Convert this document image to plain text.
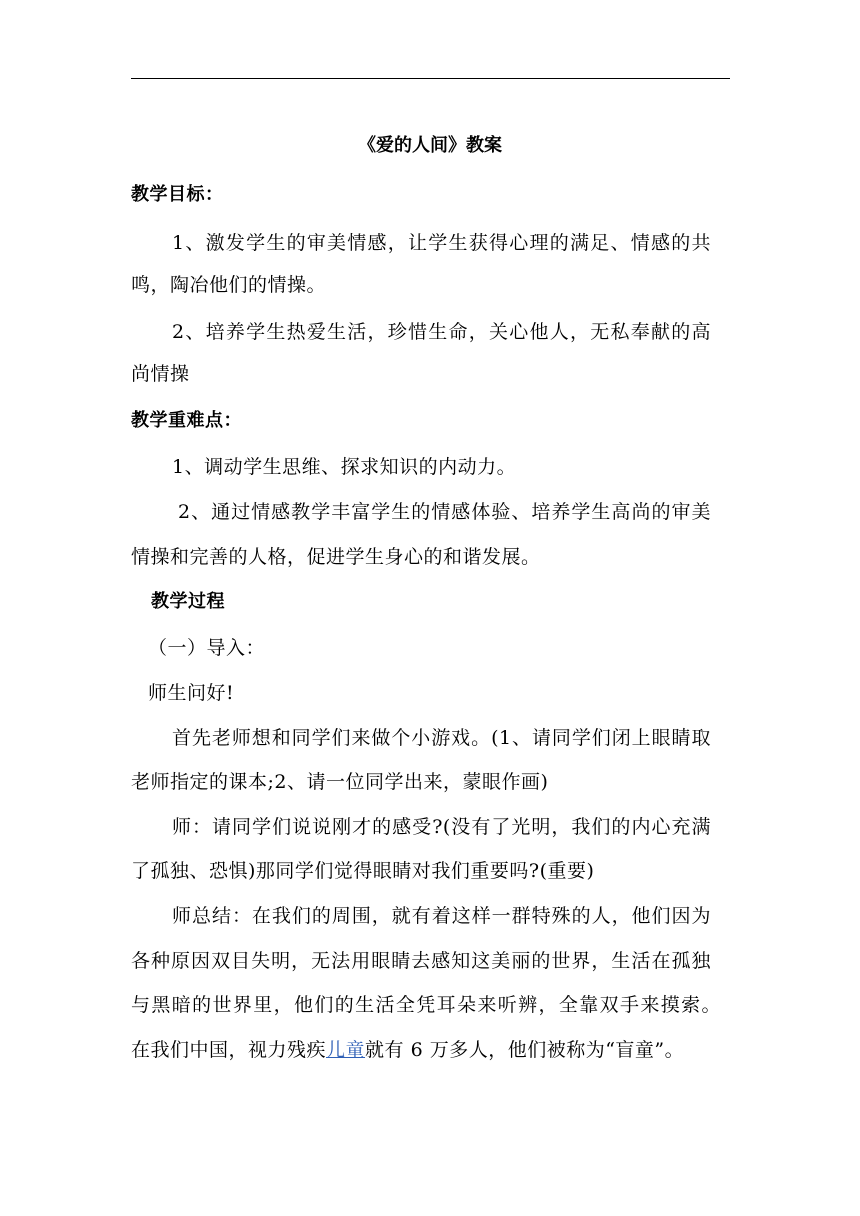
《爱的人间》教案
教学目标：
1、激发学生的审美情感，让学生获得心理的满足、情感的共
鸣，陶冶他们的情操。
2、培养学生热爱生活，珍惜生命，关心他人，无私奉献的高
尚情操
教学重难点：
1、调动学生思维、探求知识的内动力。
2、通过情感教学丰富学生的情感体验、培养学生高尚的审美
情操和完善的人格，促进学生身心的和谐发展。
教学过程
（一）导入：
师生问好!
首先老师想和同学们来做个小游戏。(1、请同学们闭上眼睛取
老师指定的课本;2、请一位同学出来，蒙眼作画)
师：请同学们说说刚才的感受?(没有了光明，我们的内心充满
了孤独、恐惧)那同学们觉得眼睛对我们重要吗?(重要)
师总结：在我们的周围，就有着这样一群特殊的人，他们因为
各种原因双目失明，无法用眼睛去感知这美丽的世界，生活在孤独
与黑暗的世界里，他们的生活全凭耳朵来听辨，全靠双手来摸索。
在我们中国，视力残疾儿童就有 6 万多人，他们被称为“盲童”。
